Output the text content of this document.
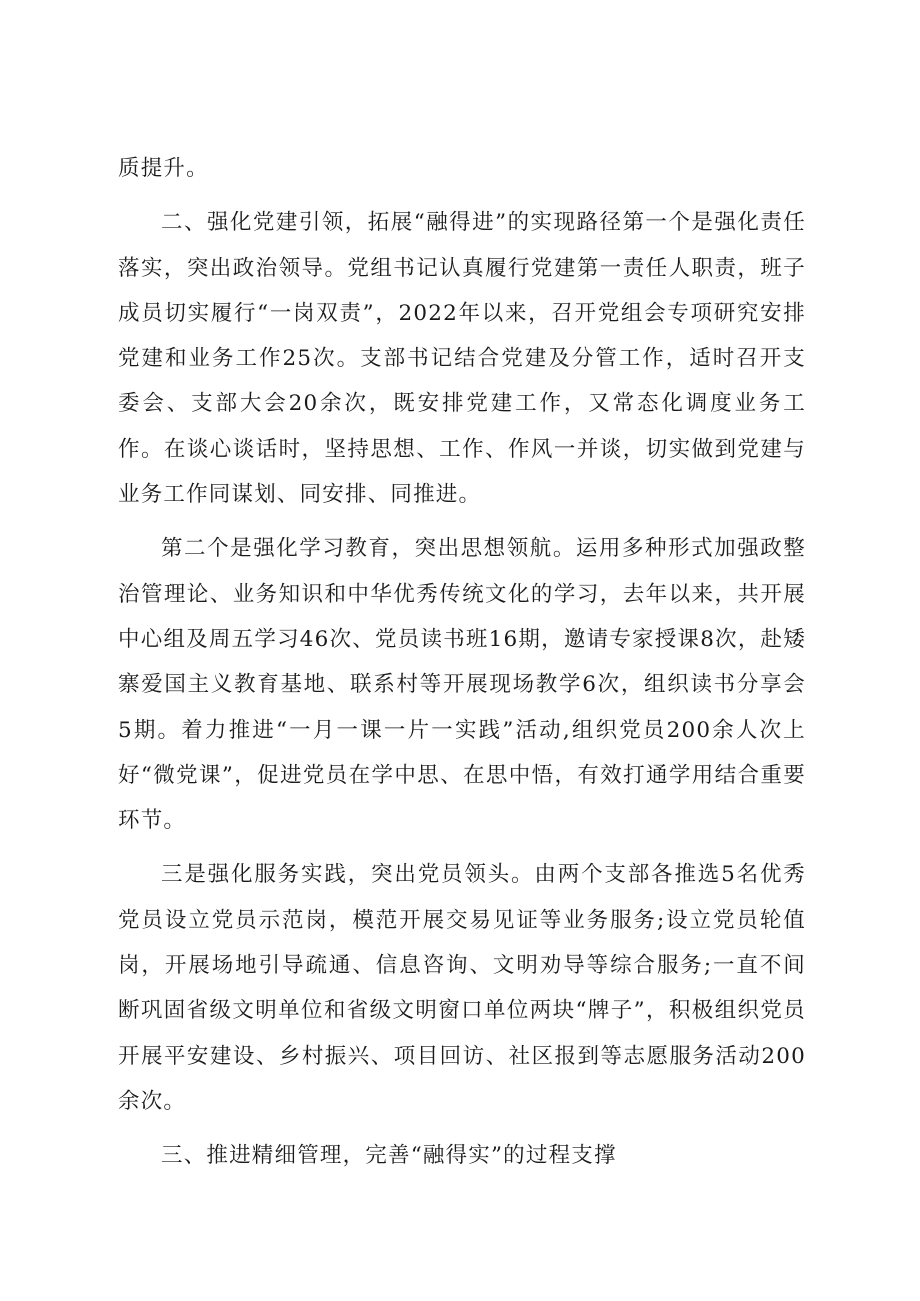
质提升。

二、强化党建引领，拓展“融得进”的实现路径第一个是强化责任落实，突出政治领导。党组书记认真履行党建第一责任人职责，班子成员切实履行“一岗双责”，2022年以来，召开党组会专项研究安排党建和业务工作25次。支部书记结合党建及分管工作，适时召开支委会、支部大会20余次，既安排党建工作，又常态化调度业务工作。在谈心谈话时，坚持思想、工作、作风一并谈，切实做到党建与业务工作同谋划、同安排、同推进。

第二个是强化学习教育，突出思想领航。运用多种形式加强政整治管理论、业务知识和中华优秀传统文化的学习，去年以来，共开展中心组及周五学习46次、党员读书班16期，邀请专家授课8次，赴矮寨爱国主义教育基地、联系村等开展现场教学6次，组织读书分享会5期。着力推进“一月一课一片一实践”活动,组织党员200余人次上好“微党课”，促进党员在学中思、在思中悟，有效打通学用结合重要环节。

三是强化服务实践，突出党员领头。由两个支部各推选5名优秀党员设立党员示范岗，模范开展交易见证等业务服务;设立党员轮值岗，开展场地引导疏通、信息咨询、文明劝导等综合服务;一直不间断巩固省级文明单位和省级文明窗口单位两块“牌子”，积极组织党员开展平安建设、乡村振兴、项目回访、社区报到等志愿服务活动200余次。

三、推进精细管理，完善“融得实”的过程支撑
